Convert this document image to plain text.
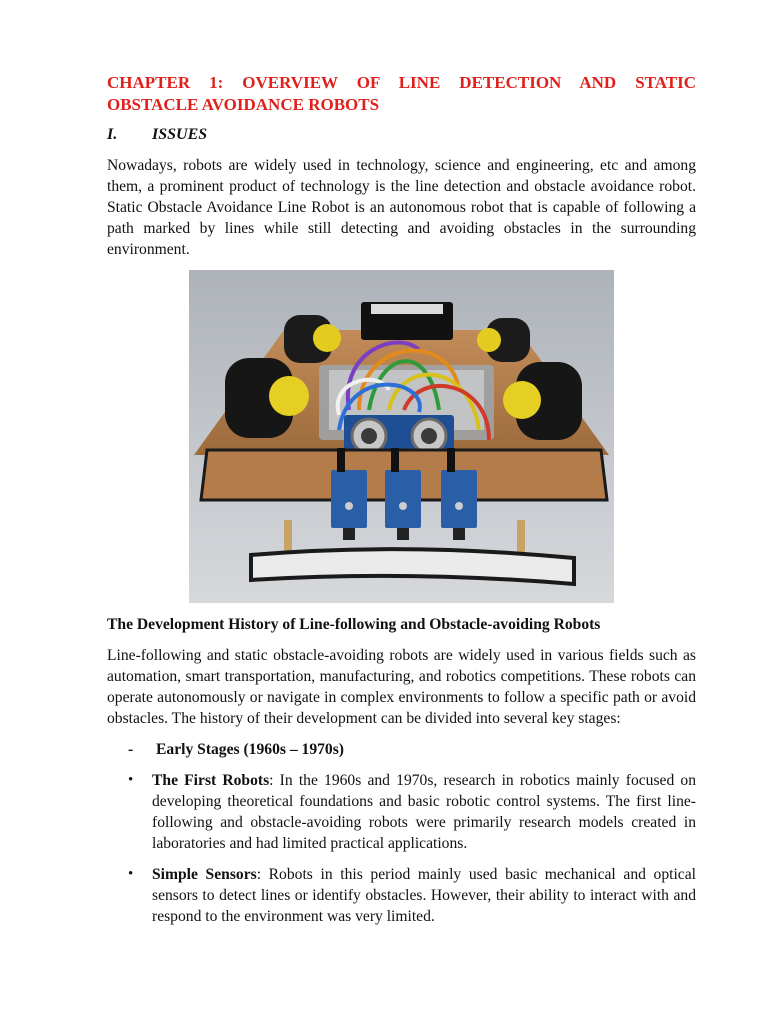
CHAPTER 1: OVERVIEW OF LINE DETECTION AND STATIC
OBSTACLE AVOIDANCE ROBOTS
I. ISSUES

Nowadays, robots are widely used in technology, science and engineering, etc and among them, a prominent product of technology is the line detection and obstacle avoidance robot. Static Obstacle Avoidance Line Robot is an autonomous robot that is capable of following a path marked by lines while still detecting and avoiding obstacles in the surrounding environment.

The Development History of Line-following and Obstacle-avoiding Robots

Line-following and static obstacle-avoiding robots are widely used in various fields such as automation, smart transportation, manufacturing, and robotics competitions. These robots can operate autonomously or navigate in complex environments to follow a specific path or avoid obstacles. The history of their development can be divided into several key stages:

- Early Stages (1960s – 1970s)
• The First Robots: In the 1960s and 1970s, research in robotics mainly focused on developing theoretical foundations and basic robotic control systems. The first line-following and obstacle-avoiding robots were primarily research models created in laboratories and had limited practical applications.
• Simple Sensors: Robots in this period mainly used basic mechanical and optical sensors to detect lines or identify obstacles. However, their ability to interact with and respond to the environment was very limited.
